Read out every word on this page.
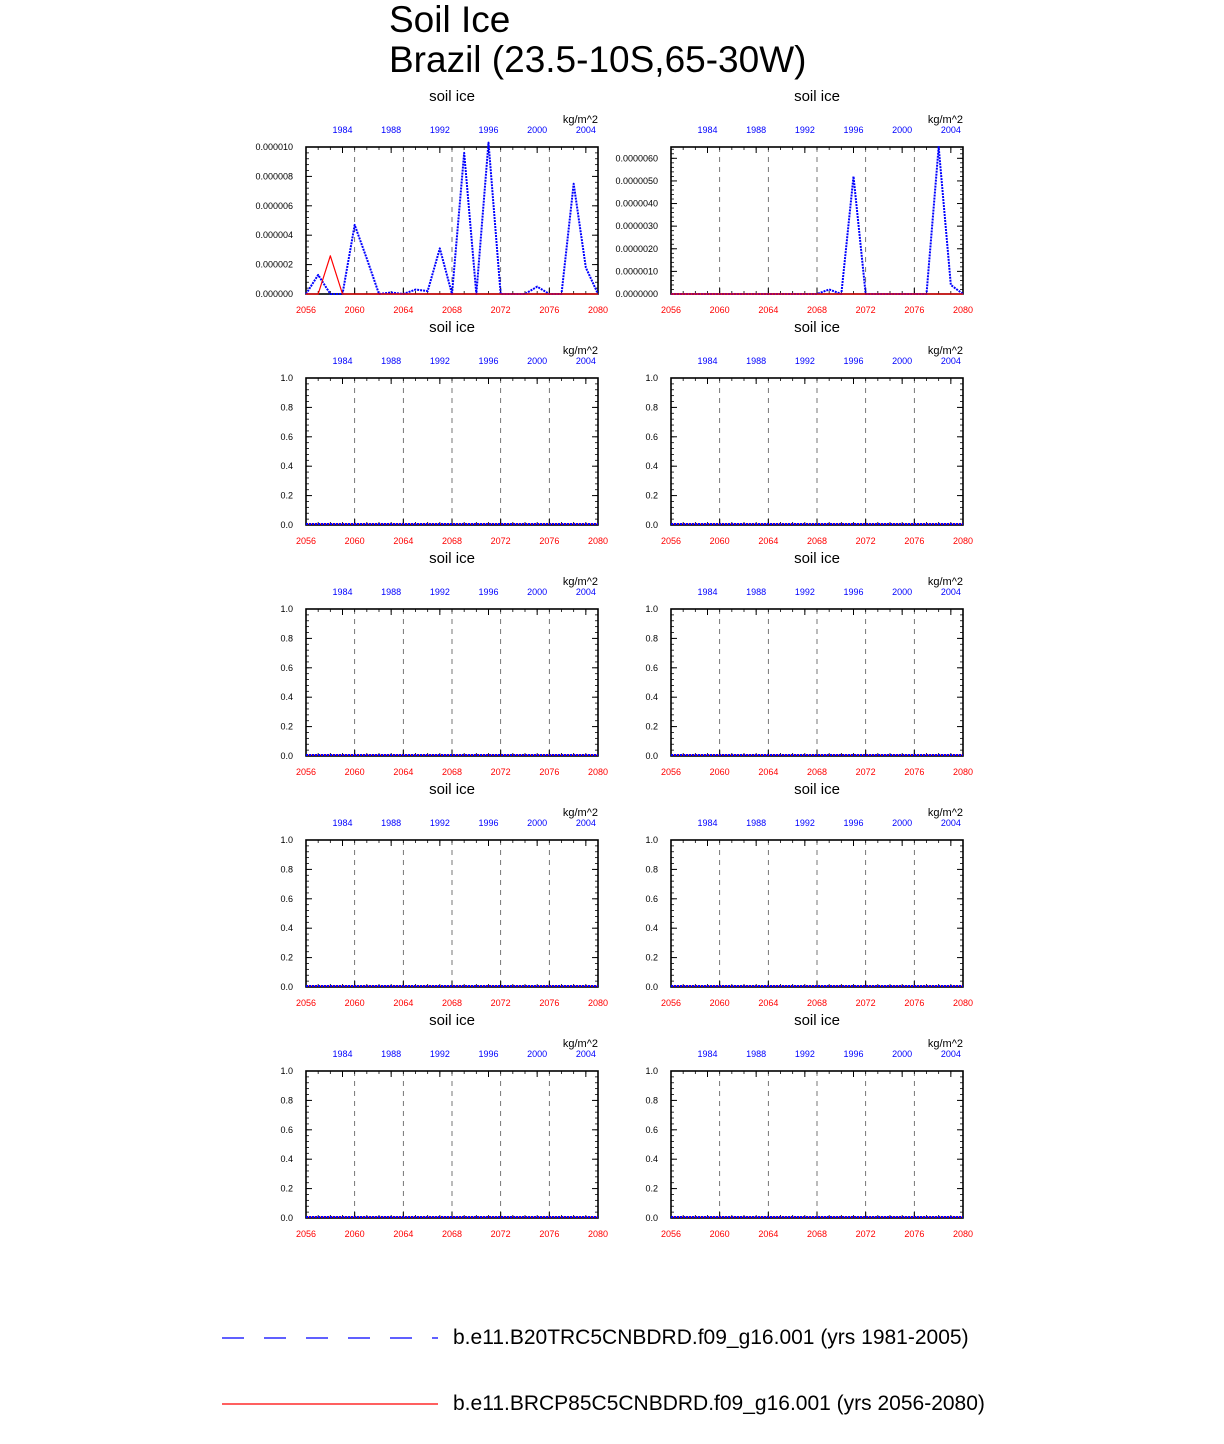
Soil Ice
Brazil (23.5-10S,65-30W)
soil ice
kg/m^2
2056	2060	2064	2068	2072	2076	2080
1984	1988	1992	1996	2000	2004
0.000000
0.000002
0.000004
0.000006
0.000008
0.000010
soil ice
kg/m^2
2056	2060	2064	2068	2072	2076	2080
1984	1988	1992	1996	2000	2004
0.0000000
0.0000010
0.0000020
0.0000030
0.0000040
0.0000050
0.0000060
soil ice
kg/m^2
2056	2060	2064	2068	2072	2076	2080
1984	1988	1992	1996	2000	2004
0.0
0.2
0.4
0.6
0.8
1.0
soil ice
kg/m^2
2056	2060	2064	2068	2072	2076	2080
1984	1988	1992	1996	2000	2004
0.0
0.2
0.4
0.6
0.8
1.0
soil ice
kg/m^2
2056	2060	2064	2068	2072	2076	2080
1984	1988	1992	1996	2000	2004
0.0
0.2
0.4
0.6
0.8
1.0
soil ice
kg/m^2
2056	2060	2064	2068	2072	2076	2080
1984	1988	1992	1996	2000	2004
0.0
0.2
0.4
0.6
0.8
1.0
soil ice
kg/m^2
2056	2060	2064	2068	2072	2076	2080
1984	1988	1992	1996	2000	2004
0.0
0.2
0.4
0.6
0.8
1.0
soil ice
kg/m^2
2056	2060	2064	2068	2072	2076	2080
1984	1988	1992	1996	2000	2004
0.0
0.2
0.4
0.6
0.8
1.0
soil ice
kg/m^2
2056	2060	2064	2068	2072	2076	2080
1984	1988	1992	1996	2000	2004
0.0
0.2
0.4
0.6
0.8
1.0
soil ice
kg/m^2
2056	2060	2064	2068	2072	2076	2080
1984	1988	1992	1996	2000	2004
0.0
0.2
0.4
0.6
0.8
1.0
b.e11.B20TRC5CNBDRD.f09_g16.001 (yrs 1981-2005)
b.e11.BRCP85C5CNBDRD.f09_g16.001 (yrs 2056-2080)
